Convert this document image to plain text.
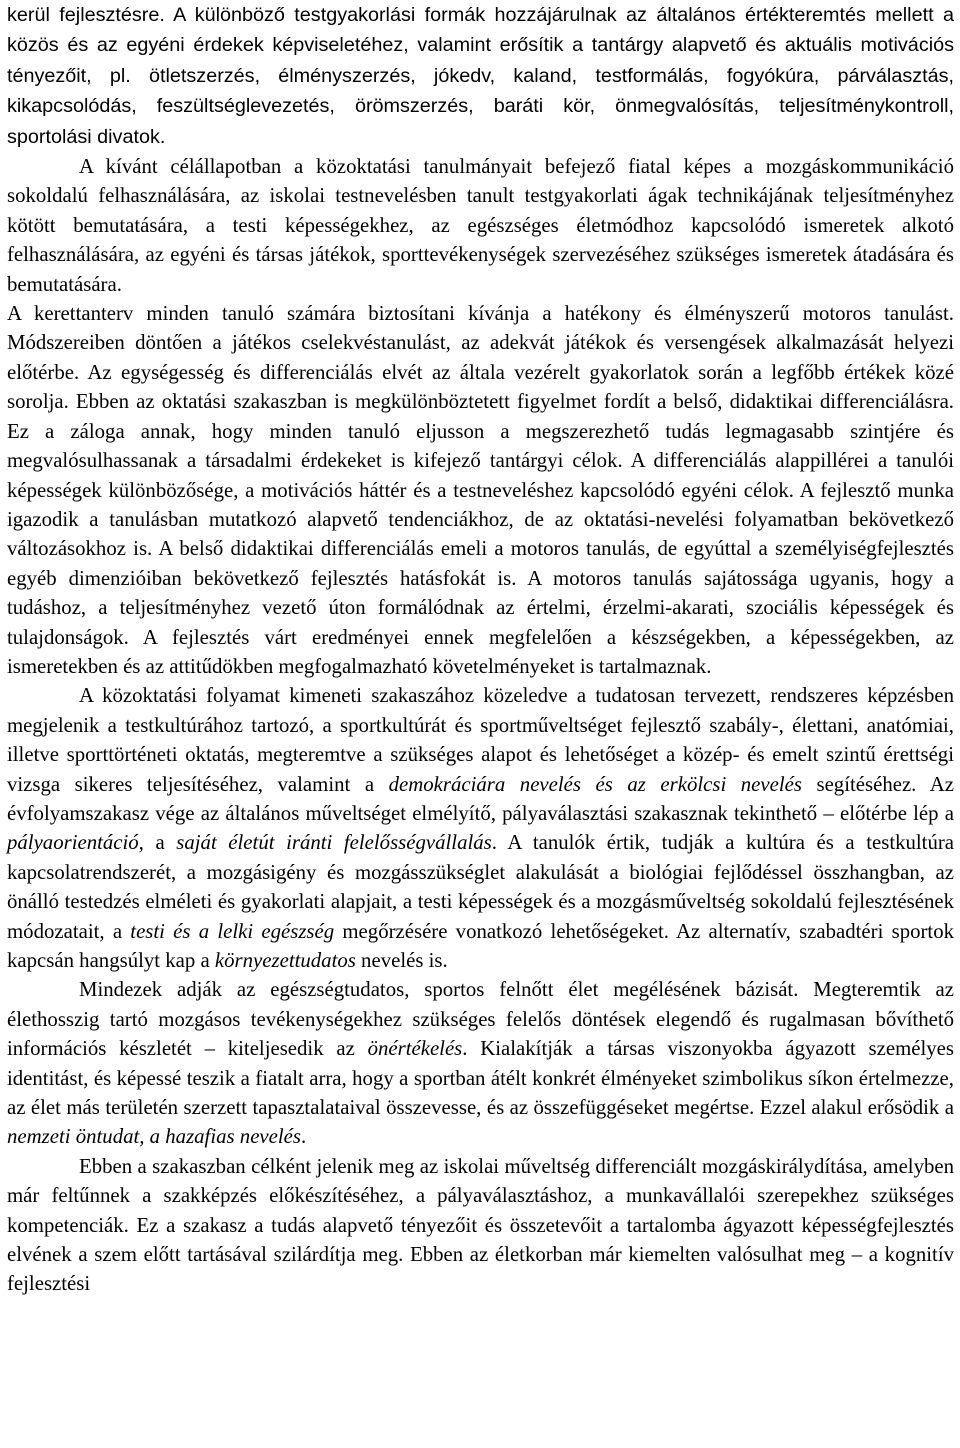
kerül fejlesztésre. A különböző testgyakorlási formák hozzájárulnak az általános értékteremtés mellett a közös és az egyéni érdekek képviseletéhez, valamint erősítik a tantárgy alapvető és aktuális motivációs tényezőit, pl. ötletszerzés, élményszerzés, jókedv, kaland, testformálás, fogyókúra, párválasztás, kikapcsolódás, feszültséglevezetés, örömszerzés, baráti kör, önmegvalósítás, teljesítménykontroll, sportolási divatok.

A kívánt célállapotban a közoktatási tanulmányait befejező fiatal képes a mozgáskommunikáció sokoldalú felhasználására, az iskolai testnevelésben tanult testgyakorlati ágak technikájának teljesítményhez kötött bemutatására, a testi képességekhez, az egészséges életmódhoz kapcsolódó ismeretek alkotó felhasználására, az egyéni és társas játékok, sporttevékenységek szervezéséhez szükséges ismeretek átadására és bemutatására.

A kerettanterv minden tanuló számára biztosítani kívánja a hatékony és élményszerű motoros tanulást. Módszereiben döntően a játékos cselekvéstanulást, az adekvát játékok és versengések alkalmazását helyezi előtérbe. Az egységesség és differenciálás elvét az általa vezérelt gyakorlatok során a legfőbb értékek közé sorolja. Ebben az oktatási szakaszban is megkülönböztetett figyelmet fordít a belső, didaktikai differenciálásra. Ez a záloga annak, hogy minden tanuló eljusson a megszerezhető tudás legmagasabb szintjére és megvalósulhassanak a társadalmi érdekeket is kifejező tantárgyi célok. A differenciálás alappillérei a tanulói képességek különbözősége, a motivációs háttér és a testneveléshez kapcsolódó egyéni célok. A fejlesztő munka igazodik a tanulásban mutatkozó alapvető tendenciákhoz, de az oktatási-nevelési folyamatban bekövetkező változásokhoz is. A belső didaktikai differenciálás emeli a motoros tanulás, de egyúttal a személyiségfejlesztés egyéb dimenzióiban bekövetkező fejlesztés hatásfokát is. A motoros tanulás sajátossága ugyanis, hogy a tudáshoz, a teljesítményhez vezető úton formálódnak az értelmi, érzelmi-akarati, szociális képességek és tulajdonságok. A fejlesztés várt eredményei ennek megfelelően a készségekben, a képességekben, az ismeretekben és az attitűdökben megfogalmazható követelményeket is tartalmaznak.

A közoktatási folyamat kimeneti szakaszához közeledve a tudatosan tervezett, rendszeres képzésben megjelenik a testkultúrához tartozó, a sportkultúrát és sportműveltséget fejlesztő szabály-, élettani, anatómiai, illetve sporttörténeti oktatás, megteremtve a szükséges alapot és lehetőséget a közép- és emelt szintű érettségi vizsga sikeres teljesítéséhez, valamint a demokráciára nevelés és az erkölcsi nevelés segítéséhez. Az évfolyamszakasz vége az általános műveltséget elmélyítő, pályaválasztási szakasznak tekinthető – előtérbe lép a pályaorientáció, a saját életút iránti felelősségvállalás. A tanulók értik, tudják a kultúra és a testkultúra kapcsolatrendszerét, a mozgásigény és mozgásszükséglet alakulását a biológiai fejlődéssel összhangban, az önálló testedzés elméleti és gyakorlati alapjait, a testi képességek és a mozgásműveltség sokoldalú fejlesztésének módozatait, a testi és a lelki egészség megőrzésére vonatkozó lehetőségeket. Az alternatív, szabadtéri sportok kapcsán hangsúlyt kap a környezettudatos nevelés is.

Mindezek adják az egészségtudatos, sportos felnőtt élet megélésének bázisát. Megteremtik az élethosszig tartó mozgásos tevékenységekhez szükséges felelős döntések elegendő és rugalmasan bővíthető információs készletét – kiteljesedik az önértékelés. Kialakítják a társas viszonyokba ágyazott személyes identitást, és képessé teszik a fiatalt arra, hogy a sportban átélt konkrét élményeket szimbolikus síkon értelmezze, az élet más területén szerzett tapasztalataival összevesse, és az összefüggéseket megértse. Ezzel alakul erősödik a nemzeti öntudat, a hazafias nevelés.

Ebben a szakaszban célként jelenik meg az iskolai műveltség differenciált mozgáskirálydítása, amelyben már feltűnnek a szakképzés előkészítéséhez, a pályaválasztáshoz, a munkavállalói szerepekhez szükséges kompetenciák. Ez a szakasz a tudás alapvető tényezőit és összetevőit a tartalomba ágyazott képességfejlesztés elvének a szem előtt tartásával szilárdítja meg. Ebben az életkorban már kiemelten valósulhat meg – a kognitív fejlesztési
